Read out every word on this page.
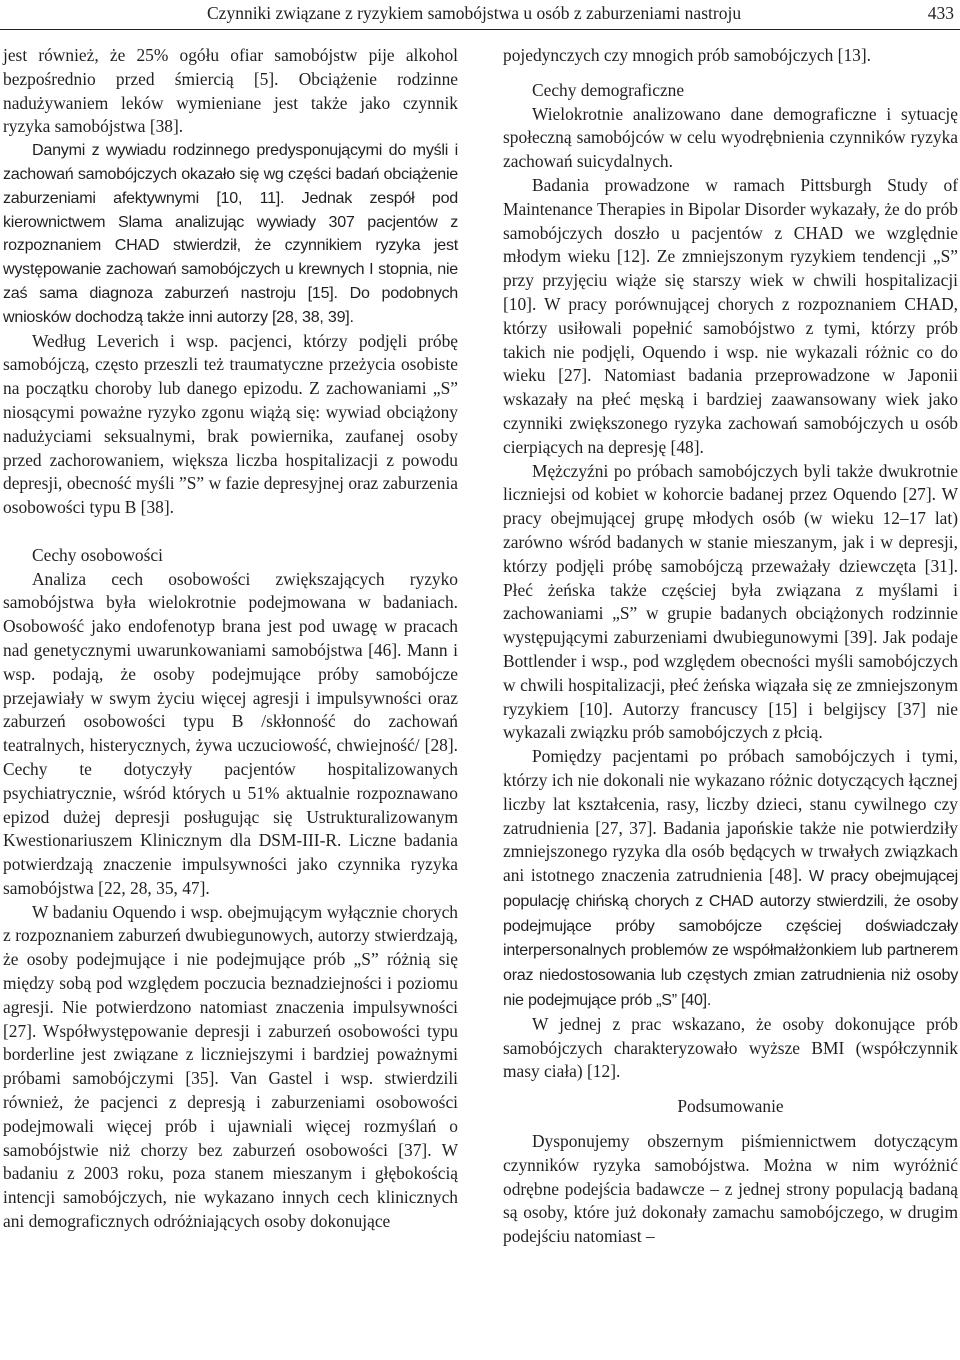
Czynniki związane z ryzykiem samobójstwa u osób z zaburzeniami nastroju	433

jest również, że 25% ogółu ofiar samobójstw pije alkohol bezpośrednio przed śmiercią [5]. Obciążenie rodzinne nadużywaniem leków wymieniane jest także jako czynnik ryzyka samobójstwa [38].

Danymi z wywiadu rodzinnego predysponującymi do myśli i zachowań samobójczych okazało się wg części badań obciążenie zaburzeniami afektywnymi [10, 11]. Jednak zespół pod kierownictwem Slama analizując wywiady 307 pacjentów z rozpoznaniem CHAD stwierdził, że czynnikiem ryzyka jest występowanie zachowań samobójczych u krewnych I stopnia, nie zaś sama diagnoza zaburzeń nastroju [15]. Do podobnych wniosków dochodzą także inni autorzy [28, 38, 39].

Według Leverich i wsp. pacjenci, którzy podjęli próbę samobójczą, często przeszli też traumatyczne przeżycia osobiste na początku choroby lub danego epizodu. Z zachowaniami „S” niosącymi poważne ryzyko zgonu wiążą się: wywiad obciążony nadużyciami seksualnymi, brak powiernika, zaufanej osoby przed zachorowaniem, większa liczba hospitalizacji z powodu depresji, obecność myśli ”S” w fazie depresyjnej oraz zaburzenia osobowości typu B [38].

Cechy osobowości

Analiza cech osobowości zwiększających ryzyko samobójstwa była wielokrotnie podejmowana w badaniach. Osobowość jako endofenotyp brana jest pod uwagę w pracach nad genetycznymi uwarunkowaniami samobójstwa [46]. Mann i wsp. podają, że osoby podejmujące próby samobójcze przejawiały w swym życiu więcej agresji i impulsywności oraz zaburzeń osobowości typu B /skłonność do zachowań teatralnych, histerycznych, żywa uczuciowość, chwiejność/ [28]. Cechy te dotyczyły pacjentów hospitalizowanych psychiatrycznie, wśród których u 51% aktualnie rozpoznawano epizod dużej depresji posługując się Ustrukturalizowanym Kwestionariuszem Klinicznym dla DSM-III-R. Liczne badania potwierdzają znaczenie impulsywności jako czynnika ryzyka samobójstwa [22, 28, 35, 47].

W badaniu Oquendo i wsp. obejmującym wyłącznie chorych z rozpoznaniem zaburzeń dwubiegunowych, autorzy stwierdzają, że osoby podejmujące i nie podejmujące prób „S” różnią się między sobą pod względem poczucia beznadziejności i poziomu agresji. Nie potwierdzono natomiast znaczenia impulsywności [27]. Współwystępowanie depresji i zaburzeń osobowości typu borderline jest związane z liczniejszymi i bardziej poważnymi próbami samobójczymi [35]. Van Gastel i wsp. stwierdzili również, że pacjenci z depresją i zaburzeniami osobowości podejmowali więcej prób i ujawniali więcej rozmyślań o samobójstwie niż chorzy bez zaburzeń osobowości [37]. W badaniu z 2003 roku, poza stanem mieszanym i głębokością intencji samobójczych, nie wykazano innych cech klinicznych ani demograficznych odróżniających osoby dokonujące

pojedynczych czy mnogich prób samobójczych [13].

Cechy demograficzne

Wielokrotnie analizowano dane demograficzne i sytuację społeczną samobójców w celu wyodrębnienia czynników ryzyka zachowań suicydalnych.

Badania prowadzone w ramach Pittsburgh Study of Maintenance Therapies in Bipolar Disorder wykazały, że do prób samobójczych doszło u pacjentów z CHAD we względnie młodym wieku [12]. Ze zmniejszonym ryzykiem tendencji „S” przy przyjęciu wiąże się starszy wiek w chwili hospitalizacji [10]. W pracy porównującej chorych z rozpoznaniem CHAD, którzy usiłowali popełnić samobójstwo z tymi, którzy prób takich nie podjęli, Oquendo i wsp. nie wykazali różnic co do wieku [27]. Natomiast badania przeprowadzone w Japonii wskazały na płeć męską i bardziej zaawansowany wiek jako czynniki zwiększonego ryzyka zachowań samobójczych u osób cierpiących na depresję [48].

Mężczyźni po próbach samobójczych byli także dwukrotnie liczniejsi od kobiet w kohorcie badanej przez Oquendo [27]. W pracy obejmującej grupę młodych osób (w wieku 12–17 lat) zarówno wśród badanych w stanie mieszanym, jak i w depresji, którzy podjęli próbę samobójczą przeważały dziewczęta [31]. Płeć żeńska także częściej była związana z myślami i zachowaniami „S” w grupie badanych obciążonych rodzinnie występującymi zaburzeniami dwubiegunowymi [39]. Jak podaje Bottlender i wsp., pod względem obecności myśli samobójczych w chwili hospitalizacji, płeć żeńska wiązała się ze zmniejszonym ryzykiem [10]. Autorzy francuscy [15] i belgijscy [37] nie wykazali związku prób samobójczych z płcią.

Pomiędzy pacjentami po próbach samobójczych i tymi, którzy ich nie dokonali nie wykazano różnic dotyczących łącznej liczby lat kształcenia, rasy, liczby dzieci, stanu cywilnego czy zatrudnienia [27, 37]. Badania japońskie także nie potwierdziły zmniejszonego ryzyka dla osób będących w trwałych związkach ani istotnego znaczenia zatrudnienia [48]. W pracy obejmującej populację chińską chorych z CHAD autorzy stwierdzili, że osoby podejmujące próby samobójcze częściej doświadczały interpersonalnych problemów ze współmałżonkiem lub partnerem oraz niedostosowania lub częstych zmian zatrudnienia niż osoby nie podejmujące prób „S” [40].

W jednej z prac wskazano, że osoby dokonujące prób samobójczych charakteryzowało wyższe BMI (współczynnik masy ciała) [12].

Podsumowanie

Dysponujemy obszernym piśmiennictwem dotyczącym czynników ryzyka samobójstwa. Można w nim wyróżnić odrębne podejścia badawcze – z jednej strony populacją badaną są osoby, które już dokonały zamachu samobójczego, w drugim podejściu natomiast –
